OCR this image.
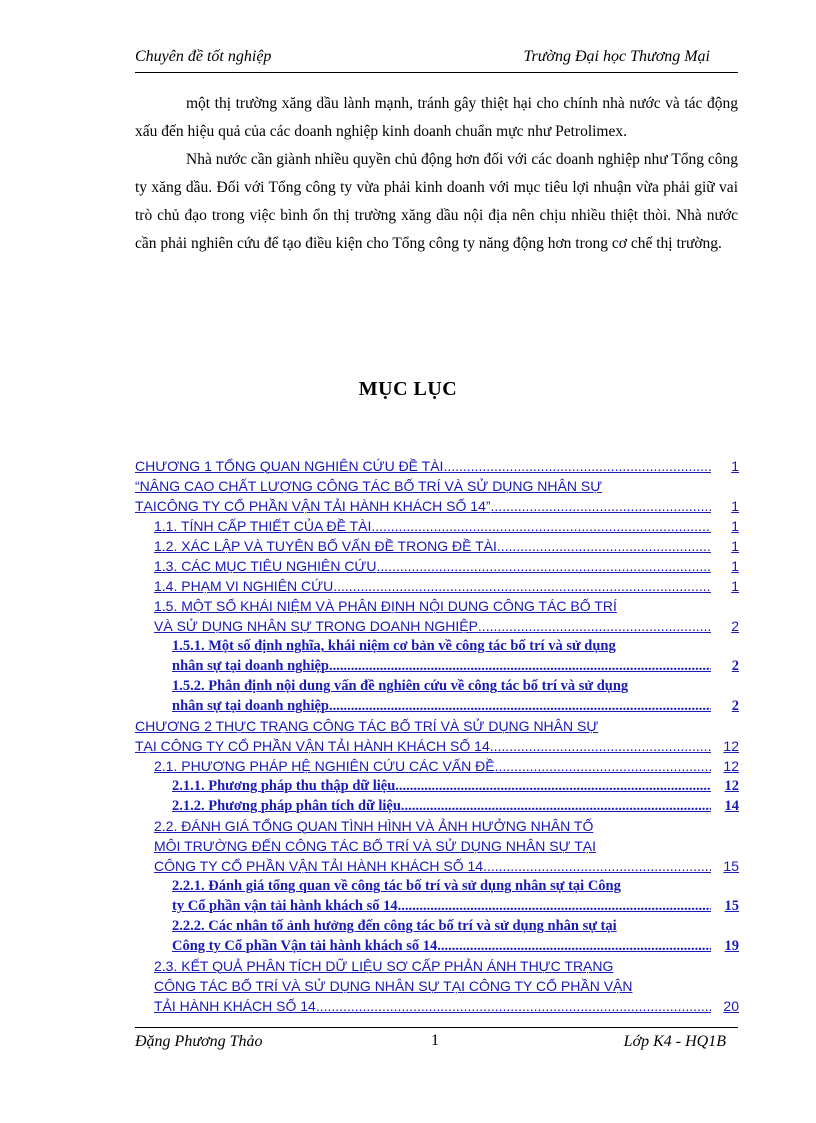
Chuyên đề tốt nghiệp	Trường Đại học Thương Mại

một thị trường xăng dầu lành mạnh, tránh gây thiệt hại cho chính nhà nước và tác động xấu đến hiệu quả của các doanh nghiệp kinh doanh chuẩn mực như Petrolimex.

Nhà nước cần giành nhiều quyền chủ động hơn đối với các doanh nghiệp như Tổng công ty xăng dầu. Đối với Tổng công ty vừa phải kinh doanh với mục tiêu lợi nhuận vừa phải giữ vai trò chủ đạo trong việc bình ổn thị trường xăng dầu nội địa nên chịu nhiều thiệt thòi. Nhà nước cần phải nghiên cứu để tạo điều kiện cho Tổng công ty năng động hơn trong cơ chế thị trường.

MỤC LỤC
CHƯƠNG 1 TỔNG QUAN NGHIÊN CỨU ĐỀ TÀI .....	1
“NÂNG CAO CHẤT LƯỢNG CÔNG TÁC BỐ TRÍ VÀ SỬ DỤNG NHÂN SỰ
TẠICÔNG TY CỔ PHẦN VẬN TẢI HÀNH KHÁCH SỐ 14” .....	1
1.1. TÍNH CẤP THIẾT CỦA ĐỀ TÀI .....	1
1.2. XÁC LẬP VÀ TUYÊN BỐ VẤN ĐỀ TRONG ĐỀ TÀI .....	1
1.3. CÁC MỤC TIÊU NGHIÊN CỨU .....	1
1.4. PHẠM VI NGHIÊN CỨU .....	1
1.5. MỘT SỐ KHÁI NIỆM VÀ PHÂN ĐỊNH NỘI DUNG CÔNG TÁC BỐ TRÍ
VÀ SỬ DỤNG NHÂN SỰ TRONG DOANH NGHIỆP .....	2
1.5.1. Một số định nghĩa, khái niệm cơ bản về công tác bố trí và sử dụng
nhân sự tại doanh nghiệp .....	2
1.5.2. Phân định nội dung vấn đề nghiên cứu về công tác bố trí và sử dụng
nhân sự tại doanh nghiệp .....	2
CHƯƠNG 2 THỰC TRẠNG CÔNG TÁC BỐ TRÍ VÀ SỬ DỤNG NHÂN SỰ
TẠI CÔNG TY CỔ PHẦN VẬN TẢI HÀNH KHÁCH SỐ 14 .....	12
2.1. PHƯƠNG PHÁP HỆ NGHIÊN CỨU CÁC VẤN ĐỀ .....	12
2.1.1. Phương pháp thu thập dữ liệu .....	12
2.1.2. Phương pháp phân tích dữ liệu .....	14
2.2. ĐÁNH GIÁ TỔNG QUAN TÌNH HÌNH VÀ ẢNH HƯỞNG NHÂN TỐ
MÔI TRƯỜNG ĐẾN CÔNG TÁC BỐ TRÍ VÀ SỬ DỤNG NHÂN SỰ TẠI
CÔNG TY CỔ PHẦN VẬN TẢI HÀNH KHÁCH SỐ 14 .....	15
2.2.1. Đánh giá tổng quan về công tác bố trí và sử dụng nhân sự tại Công
ty Cổ phần vận tải hành khách số 14 .....	15
2.2.2. Các nhân tố ảnh hưởng đến công tác bố trí và sử dụng nhân sự tại
Công ty Cổ phần Vận tải hành khách số 14 .....	19
2.3. KẾT QUẢ PHÂN TÍCH DỮ LIỆU SƠ CẤP PHẢN ÁNH THỰC TRẠNG
CÔNG TÁC BỐ TRÍ VÀ SỬ DỤNG NHÂN SỰ TẠI CÔNG TY CỔ PHẦN VẬN
TẢI HÀNH KHÁCH SỐ 14 .....	20
Đặng Phương Thảo	1	Lớp K4 - HQ1B
